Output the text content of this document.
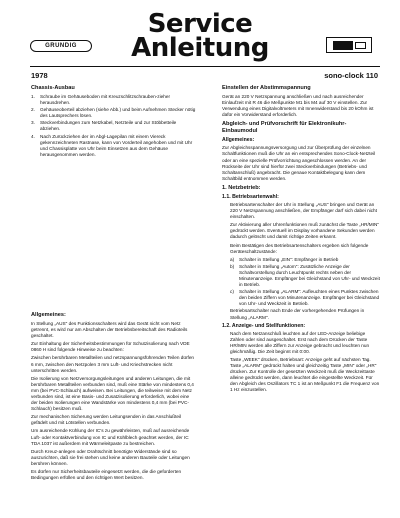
GRUNDIG
Service
Anleitung
1978	sono-clock 110
Chassis-Ausbau
1.	Schraube im Gehäuseboden mit Kreuzschlitzschrauben-zieher herausdrehen.
2.	Gehäuseoberteil abziehen (siehe Abb.) und beim Aufnehmen Stecker nötig des Lautsprechers lösen.
3.	Steckverbindungen zum Netzkabel, Netzteile und zur Stöbbetteile abziehen.
4.	Nach Zurückziehen der im Abgl-Lagepilan mit einem Viereck gekennzeichneten Rastnase, kann von Vorderteil angehoben und mit Uhr und Chassisplatte von Uhr beim Einsetzen aus dem Gehäuse herausgenommen werden.
Allgemeines:

In Stellung „AUS" des Funktionsschalters wird das Gerät nicht vom Netz getrennt, es wird nur am Abschalten der Betriebsbereitschaft des Radioteils geschaltet.

Zur Einhaltung der Sicherheitsbestimmungen für Schutzisolierung nach VDE 0860 H sind folgende Hinweise zu beachten:

Zwischen berührbaren Metallteilen und netzspannungsführenden Teilen dürfen 6 mm, zwischen den Netzpolen 3 mm Luft- und Kriechstrecken nicht unterschritten werden.

Die Isolierung von Netzversorgungsleitungen und anderen Leitungen, die mit berührbaren Metallteilen verbunden sind, muß eine Stärke von mindestens 0,4 mm (bei PVC-Schlauch) aufweisen. Bei Leitungen, die teilweise mit dem Netz verbunden sind, ist eine Basis- und Zusatzisolierung erforderlich, wobei eine der beiden Isolierungen eine Wandstärke von mindestens 0,4 mm (bei PVC-Schlauch) besitzen muß.

Zur mechanischen Sicherung werden Leitungsenden in das Anschlußteil gefädelt und mit Lötstellen verbunden.

Um ausreichende Kühlung der IC's zu gewährleisten, muß auf ausreichende Luft- oder Kontaktverbindung von IC und Kühlblech geachtet werden, der IC TDA 1037 ist außerdem mit Wärmeleitpaste zu bestreichen.

Durch Kreuz-anlegen oder Drahtschnitt benötigte Widerstände sind so auszurichten, daß sie frei stehen und keine anderen Bauteile oder Leitungen berühren können.

Es dürfen nur Sicherheitsbauteile eingesetzt werden, die die geforderten Bedingungen erfüllen und den richtigen Wert besitzen.

Einstellen der Abstimmspannung

Gerät an 220 V Netzspannung anschließen und nach ausreichender Einlaufzeit mit R 46 die Meßpunkte M1 bis M4 auf 30 V einstellen. Zur Verwendung eines Digitalvoltmeters mit Innenwiderstand bis 20 kOhm ist dafür ein Vorwiderstand erforderlich.

Abgleich- und Prüfvorschrift für Elektronikuhr-Einbaumodul
Allgemeines:

Zur Abgleichsspannungsversorgung und zur Überprüfung der einzelnen Schaltfunktionen muß die Uhr an ein entsprechendes Sono-Clock-Netzteil oder an eine spezielle Prüfvorrichtung angeschlossen werden. An der Rückseite der Uhr sind hierfür zwei Steckverbindungen (Betriebs- und Schaltanschluß) angebracht. Die genaue Kontaktbelegung kann dem Schaltbild entnommen werden.

1. Netzbetrieb:
1.1. Betriebsartenwahl:

Betriebsartenschalter der Uhr in Stellung „AUS" bringen und Gerät an 220 V Netzspannung anschließen, der Empfänger darf sich dabei nicht einschalten.

Zur Aktivierung aller Uhrenfunktionen muß zunächst die Taste „HR/MIN" gedrückt werden. Eventuell im Display vorhandene Sekunden werden dadurch gelöscht und damit richtige Zeiten erkannt.

Beim Bestätigen des Betriebsartenschalters ergeben sich folgende Geräteschaltzustände:

a)	Schalter in Stellung „EIN": Empfänger in Betrieb
b)	Schalter in Stellung „Autom": Zusätzliche Anzeige der Schaltvorstellung durch Leuchtpunkt rechts neben der Minutenanzeige. Empfänger bei Gleichstand von Uhr- und Weckzeit in Betrieb.
c)	Schalter in Stellung „ALARM": Aufleuchten eines Punktes zwischen den beiden Ziffern von Minutenanzeige. Empfänger bei Gleichstand von Uhr- und Weckzeit in Betrieb.

Betriebsartschalter nach Ende der vorhergehenden Prüfungen in Stellung „ALARM".

1.2. Anzeige- und Stellfunktionen:

Nach dem Netzanschluß leuchten auf der LED-Anzeige beliebige Zahlen oder sind ausgeschaltet. Erst nach dem Drücken der Taste HR/MIN werden alle Ziffern zur Anzeige gebracht und leuchten nun gleichmäßig. Die Zeit beginnt mit 0:00.

Taste „WEEK" drücken, Betriebsart: Anzeige geht auf nächsten Tag. Taste „ALARM" gedrückt halten und gleichzeitig Taste „MIN" oder „HR" drücken. Zur Kontrolle der gesetzten Weckzeit muß die Weckzeittaste alleine gedrückt werden, dann leuchtet die eingestellte Weckzeit. Für den Abgleich des Oszillators TC 1 ist an Meßpunkt F1 die Frequenz von 1 Hz einzustellen.
